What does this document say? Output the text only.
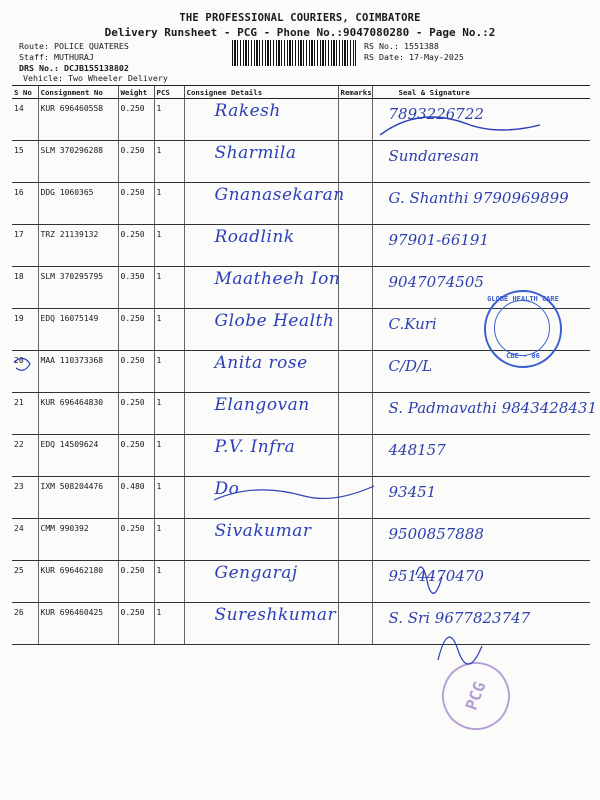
THE PROFESSIONAL COURIERS, COIMBATORE
Delivery Runsheet - PCG - Phone No.:9047080280 - Page No.:2
Route: POLICE QUATERES
Staff: MUTHURAJ
DRS No.: DCJB155138802
Vehicle: Two Wheeler Delivery
RS No.: 1551388
RS Date: 17-May-2025
S No	Consignment No	Weight	PCS	Consignee Details	Remarks	Seal & Signature
14	KUR 696460558	0.250	1	Rakesh		7893226722

15	SLM 370296288	0.250	1	Sharmila		Sundaresan

16	DDG 1060365	0.250	1	Gnanasekaran		G. Shanthi 9790969899

17	TRZ 21139132	0.250	1	Roadlink		97901-66191

18	SLM 370295795	0.350	1	Maatheeh Ion		9047074505

19	EDQ 16075149	0.250	1	Globe Health		C.Kuri

20	MAA 110373368	0.250	1	Anita rose		C/D/L

21	KUR 696464830	0.250	1	Elangovan		S. Padmavathi 9843428431

22	EDQ 14509624	0.250	1	P.V. Infra		448157

23	IXM 508204476	0.480	1	Do		93451

24	CMM 990392	0.250	1	Sivakumar		9500857888

25	KUR 696462180	0.250	1	Gengaraj		9514470470

26	KUR 696460425	0.250	1	Sureshkumar		S. Sri 9677823747
GLOBE HEALTH CARE
CBE - 06
PCG
